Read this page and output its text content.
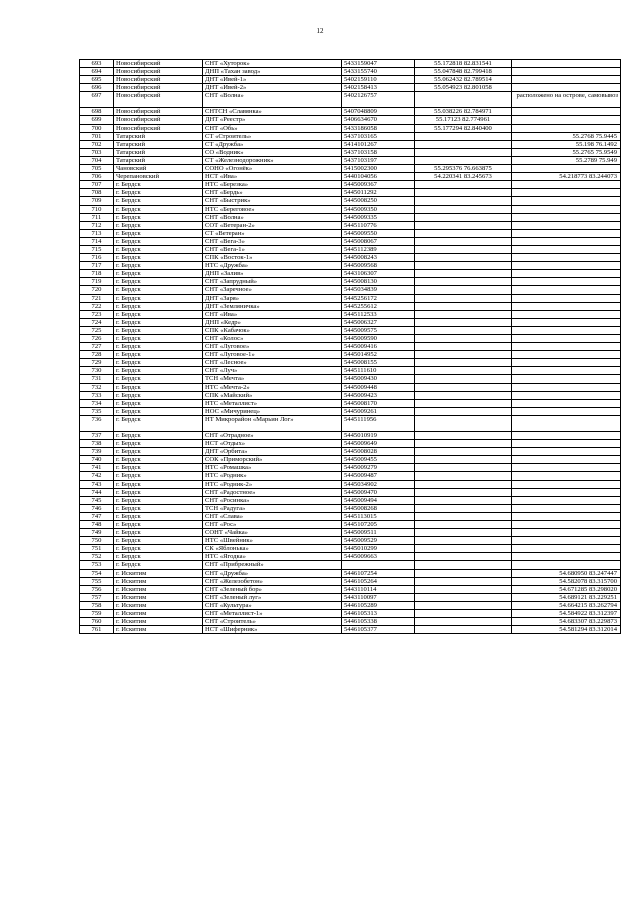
12
693	Новосибирский	СНТ «Хуторок»	5433159047	55.172818 82.831541	
694	Новосибирский	ДНП «Тахан завод»	5433155740	55.047848 82.799418	
695	Новосибирский	ДНТ «Ивей-1»	5402159110	55.062432 82.789514	
696	Новосибирский	ДНТ «Ивей-2»	5402158413	55.054923 82.801058	
697	Новосибирский	СНТ «Волна»	5402126757		расположено на острове, самовывоз
698	Новосибирский	СНТСН «Славянка»	5407048809	55.038226 82.784971	
699	Новосибирский	ДНТ «Реестр»	5406634670	55.17123 82.774961	
700	Новосибирский	СНТ «Обь»	5433186058	55.177294 82.840400	
701	Татарский	СТ «Строитель»	5437103165		55.2768 75.9445
702	Татарский	СТ «Дружба»	5414101267		55.198 76.1492
703	Татарский	СО «Водник»	5437103158		55.2765 75.9549
704	Татарский	СТ «Железнодорожник»	5437103197		55.2789 75.949
705	Чановский	СОНО «Огонёк»	5415002300	55.295376 76.663875	
706	Черепановский	НСТ «Ива»	5440104056	54.220341 83.245673	54.218773 83.244073
707	г. Бердск	НТС «Березка»	5445009367		
708	г. Бердск	СНТ «Бердь»	5445011292		
709	г. Бердск	СНТ «Быстрик»	5445008250		
710	г. Бердск	НТС «Береговое»	5445009350		
711	г. Бердск	СНТ «Волна»	5445009335		
712	г. Бердск	СОТ «Ветеран-2»	5445110776		
713	г. Бердск	СТ «Ветеран»	5445009550		
714	г. Бердск	СНТ «Вега-3»	5445008067		
715	г. Бердск	СНТ «Вега-1»	5445112389		
716	г. Бердск	СПК «Восток-1»	5445008243		
717	г. Бердск	НТС «Дружба»	5445009568		
718	г. Бердск	ДНП «Залив»	5443106307		
719	г. Бердск	СНТ «Запрудный»	5445008130		
720	г. Бердск	СНТ «Заречное»	5445034839		
721	г. Бердск	ДНТ «Заря»	5445256172		
722	г. Бердск	ДНТ «Земляничка»	5445255612		
723	г. Бердск	СНТ «Ива»	5445112533		
724	г. Бердск	ДНП «Кедр»	5445006327		
725	г. Бердск	СПК «Кабачок»	5445009575		
726	г. Бердск	СНТ «Колос»	5445009590		
727	г. Бердск	СНТ «Луговое»	5445009416		
728	г. Бердск	СНТ «Луговое-1»	5445014952		
729	г. Бердск	СНТ «Лесное»	5445008155		
730	г. Бердск	СНТ «Луч»	5445111610		
731	г. Бердск	ТСН «Мечта»	5445009430		
732	г. Бердск	НТС «Мечта-2»	5445009448		
733	г. Бердск	СПК «Майский»	5445009423		
734	г. Бердск	НТС «Металлист»	5445008170		
735	г. Бердск	НОС «Мичуринец»	5445009261		
736	г. Бердск	НТ Микрорайон «Марьин Лог»	5445111956		
737	г. Бердск	СНТ «Отрадное»	5445010919		
738	г. Бердск	НСТ «Отдых»	5445009649		
739	г. Бердск	ДНТ «Орбита»	5445008028		
740	г. Бердск	СОК «Приморский»	5445009455		
741	г. Бердск	НТС «Ромашка»	5445009279		
742	г. Бердск	НТС «Родник»	5445009487		
743	г. Бердск	НТС «Родник-2»	5445034902		
744	г. Бердск	СНТ «Радостное»	5445009470		
745	г. Бердск	СНТ «Росинка»	5445009494		
746	г. Бердск	ТСН «Радуга»	5445008268		
747	г. Бердск	СНТ «Слава»	5445113015		
748	г. Бердск	СНТ «Рос»	5445107205		
749	г. Бердск	СОНТ «Чайка»	5445009511		
750	г. Бердск	НТС «Швейник»	5445009529		
751	г. Бердск	СК «Яблонька»	5445010299		
752	г. Бердск	НТС «Ягодка»	5445009663		
753	г. Бердск	СНТ «Прибрежный»			
754	г. Искитим	СНТ «Дружба»	5446107254		54.680950 83.247447
755	г. Искитим	СНТ «Железобетон»	5446105264		54.582078 83.315700
756	г. Искитим	СНТ «Зеленый бор»	5443110114		54.671285 83.298020
757	г. Искитим	СНТ «Зеленый луг»	5443110097		54.689121 83.229251
758	г. Искитим	СНТ «Культура»	5446105289		54.664215 83.262794
759	г. Искитим	СНТ «Металлист-1»	5446105313		54.584922 83.312397
760	г. Искитим	СНТ «Строитель»	5446105338		54.683307 83.229873
761	г. Искитим	НСТ «Шиферник»	5446105377		54.581294 83.312014
